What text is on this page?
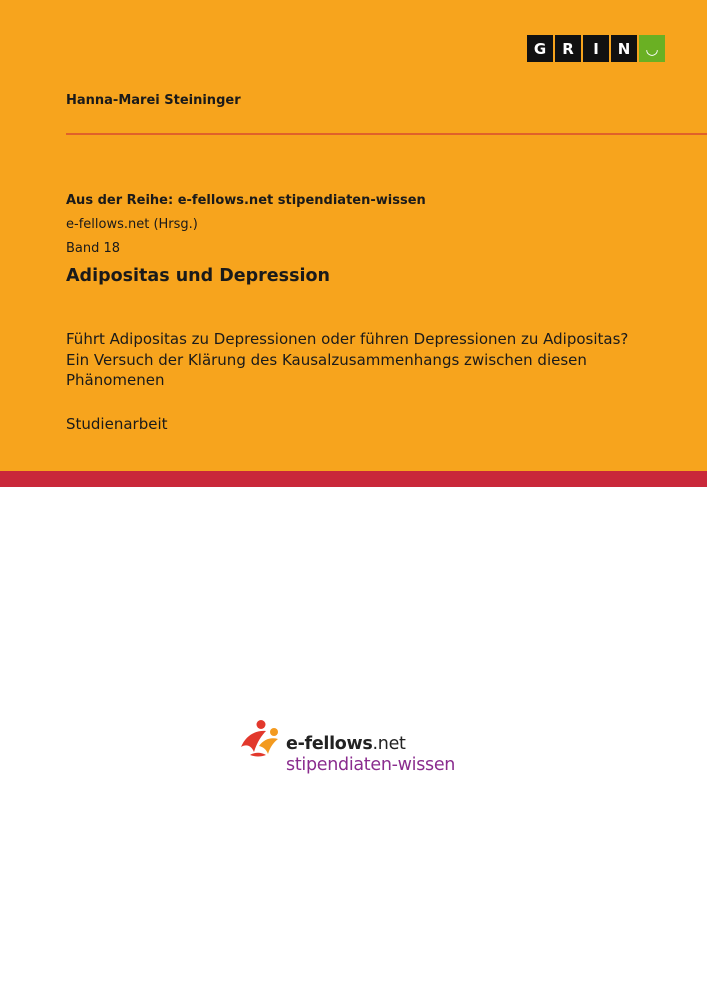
G	R	I	N	◡
Hanna-Marei Steininger
Aus der Reihe: e-fellows.net stipendiaten-wissen
e-fellows.net (Hrsg.)
Band 18
Adipositas und Depression
Führt Adipositas zu Depressionen oder führen Depressionen zu Adipositas? Ein Versuch der Klärung des Kausalzusammenhangs zwischen diesen Phänomenen
Studienarbeit
e-fellows.net
stipendiaten-wissen
